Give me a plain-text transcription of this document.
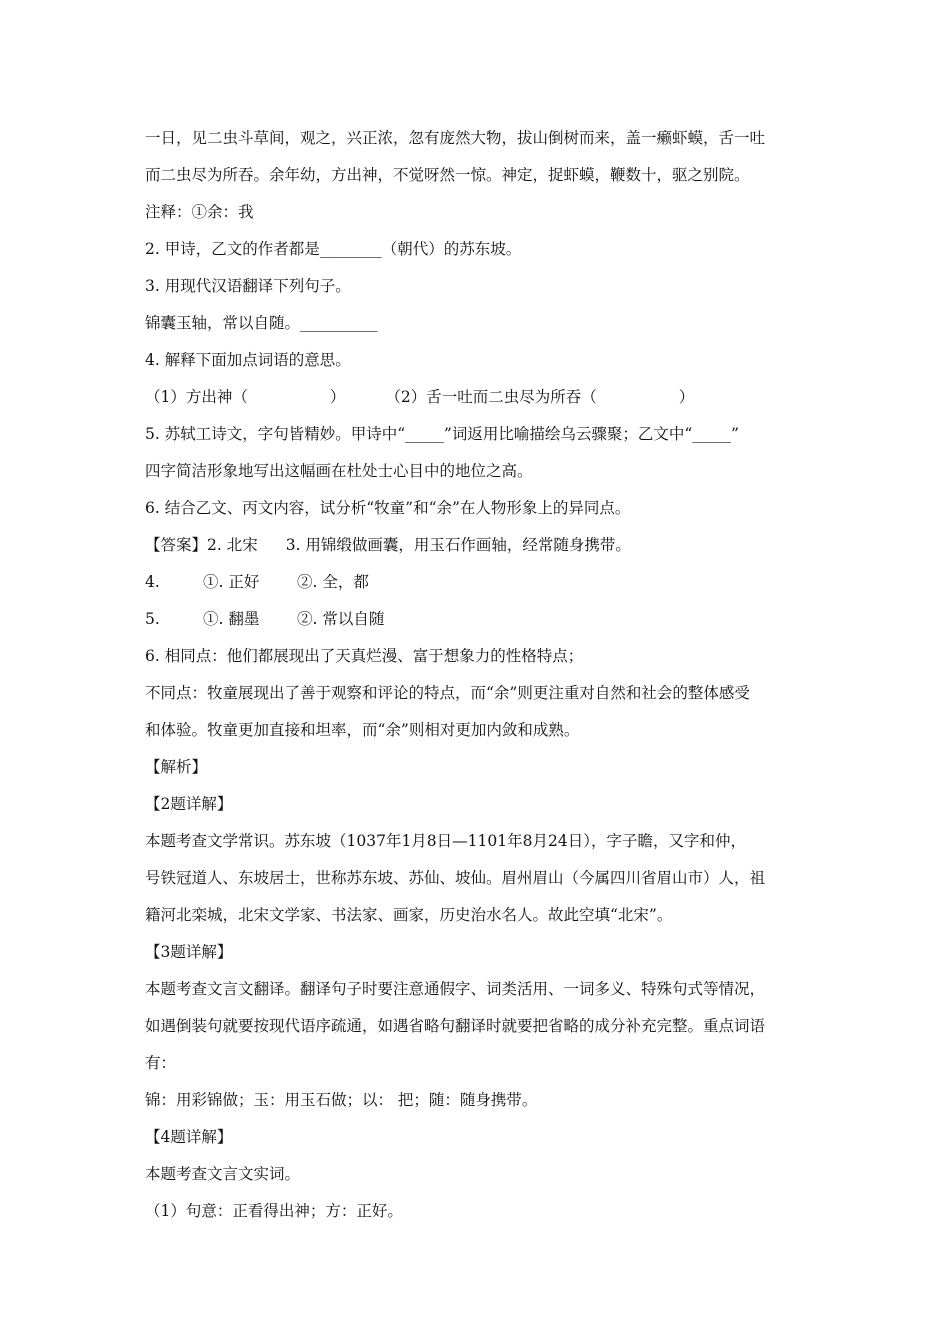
一日，见二虫斗草间，观之，兴正浓，忽有庞然大物，拔山倒树而来，盖一癞虾蟆，舌一吐

而二虫尽为所吞。余年幼，方出神，不觉呀然一惊。神定，捉虾蟆，鞭数十，驱之别院。

注释：①余：我

2. 甲诗，乙文的作者都是________（朝代）的苏东坡。

3. 用现代汉语翻译下列句子。

锦囊玉轴，常以自随。__________

4. 解释下面加点词语的意思。

（1）方出神（	）	（2）舌一吐而二虫尽为所吞（	）

5. 苏轼工诗文，字句皆精妙。甲诗中“_____”词返用比喻描绘乌云骤聚；乙文中“_____”

四字简洁形象地写出这幅画在杜处士心目中的地位之高。

6. 结合乙文、丙文内容，试分析“牧童”和“余”在人物形象上的异同点。

【答案】2. 北宋 3. 用锦缎做画囊，用玉石作画轴，经常随身携带。

4.	①. 正好 ②. 全，都

5.	①. 翻墨 ②. 常以自随

6. 相同点：他们都展现出了天真烂漫、富于想象力的性格特点；

不同点：牧童展现出了善于观察和评论的特点，而“余”则更注重对自然和社会的整体感受

和体验。牧童更加直接和坦率，而“余”则相对更加内敛和成熟。

【解析】

【2题详解】

本题考查文学常识。苏东坡（1037年1月8日—1101年8月24日），字子瞻，又字和仲，

号铁冠道人、东坡居士，世称苏东坡、苏仙、坡仙。眉州眉山（今属四川省眉山市）人，祖

籍河北栾城，北宋文学家、书法家、画家，历史治水名人。故此空填“北宋”。

【3题详解】

本题考查文言文翻译。翻译句子时要注意通假字、词类活用、一词多义、特殊句式等情况，

如遇倒装句就要按现代语序疏通，如遇省略句翻译时就要把省略的成分补充完整。重点词语

有：

锦：用彩锦做；玉：用玉石做；以： 把；随：随身携带。

【4题详解】

本题考查文言文实词。

（1）句意：正看得出神；方：正好。
